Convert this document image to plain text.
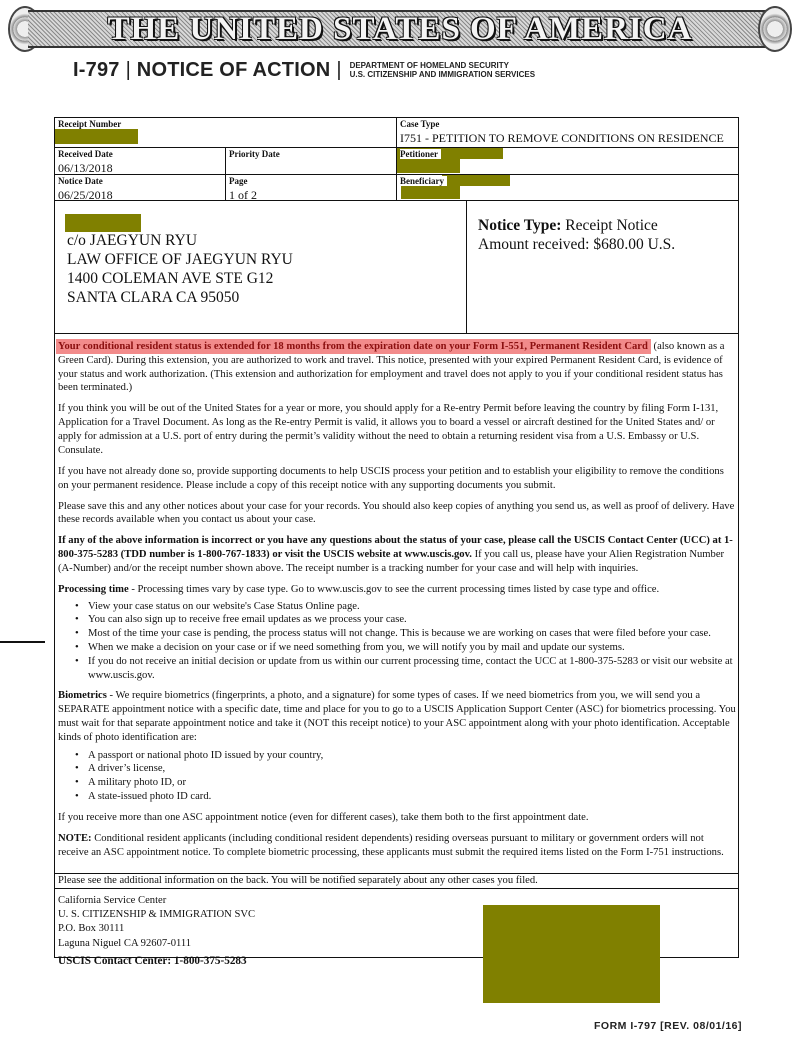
THE UNITED STATES OF AMERICA
I-797 | NOTICE OF ACTION | DEPARTMENT OF HOMELAND SECURITY
U.S. CITIZENSHIP AND IMMIGRATION SERVICES
Receipt Number	Case Type
I751 - PETITION TO REMOVE CONDITIONS ON RESIDENCE
Received Date
06/13/2018
Priority Date	Petitioner
Notice Date
06/25/2018
Page
1 of 2
Beneficiary
c/o JAEGYUN RYU
LAW OFFICE OF JAEGYUN RYU
1400 COLEMAN AVE STE G12
SANTA CLARA CA 95050
Notice Type: Receipt Notice
Amount received: $680.00 U.S.

Your conditional resident status is extended for 18 months from the expiration date on your Form I-551, Permanent Resident Card (also known as a Green Card). During this extension, you are authorized to work and travel. This notice, presented with your expired Permanent Resident Card, is evidence of your status and work authorization. (This extension and authorization for employment and travel does not apply to you if your conditional resident status has been terminated.)

If you think you will be out of the United States for a year or more, you should apply for a Re-entry Permit before leaving the country by filing Form I-131, Application for a Travel Document. As long as the Re-entry Permit is valid, it allows you to board a vessel or aircraft destined for the United States and/ or apply for admission at a U.S. port of entry during the permit’s validity without the need to obtain a returning resident visa from a U.S. Embassy or U.S. Consulate.

If you have not already done so, provide supporting documents to help USCIS process your petition and to establish your eligibility to remove the conditions on your permanent residence. Please include a copy of this receipt notice with any supporting documents you submit.

Please save this and any other notices about your case for your records. You should also keep copies of anything you send us, as well as proof of delivery. Have these records available when you contact us about your case.

If any of the above information is incorrect or you have any questions about the status of your case, please call the USCIS Contact Center (UCC) at 1-800-375-5283 (TDD number is 1-800-767-1833) or visit the USCIS website at www.uscis.gov. If you call us, please have your Alien Registration Number (A-Number) and/or the receipt number shown above. The receipt number is a tracking number for your case and will help with inquiries.

Processing time - Processing times vary by case type. Go to www.uscis.gov to see the current processing times listed by case type and office.

• View your case status on our website's Case Status Online page.
• You can also sign up to receive free email updates as we process your case.
• Most of the time your case is pending, the process status will not change. This is because we are working on cases that were filed before your case.
• When we make a decision on your case or if we need something from you, we will notify you by mail and update our systems.
• If you do not receive an initial decision or update from us within our current processing time, contact the UCC at 1-800-375-5283 or visit our website at www.uscis.gov.

Biometrics - We require biometrics (fingerprints, a photo, and a signature) for some types of cases. If we need biometrics from you, we will send you a SEPARATE appointment notice with a specific date, time and place for you to go to a USCIS Application Support Center (ASC) for biometrics processing. You must wait for that separate appointment notice and take it (NOT this receipt notice) to your ASC appointment along with your photo identification. Acceptable kinds of photo identification are:

• A passport or national photo ID issued by your country,
• A driver’s license,
• A military photo ID, or
• A state-issued photo ID card.

If you receive more than one ASC appointment notice (even for different cases), take them both to the first appointment date.

NOTE: Conditional resident applicants (including conditional resident dependents) residing overseas pursuant to military or government orders will not receive an ASC appointment notice. To complete biometric processing, these applicants must submit the required items listed on the Form I-751 instructions.

Please see the additional information on the back. You will be notified separately about any other cases you filed.
California Service Center
U. S. CITIZENSHIP & IMMIGRATION SVC
P.O. Box 30111
Laguna Niguel CA 92607-0111
USCIS Contact Center: 1-800-375-5283
FORM I-797 [REV. 08/01/16]
